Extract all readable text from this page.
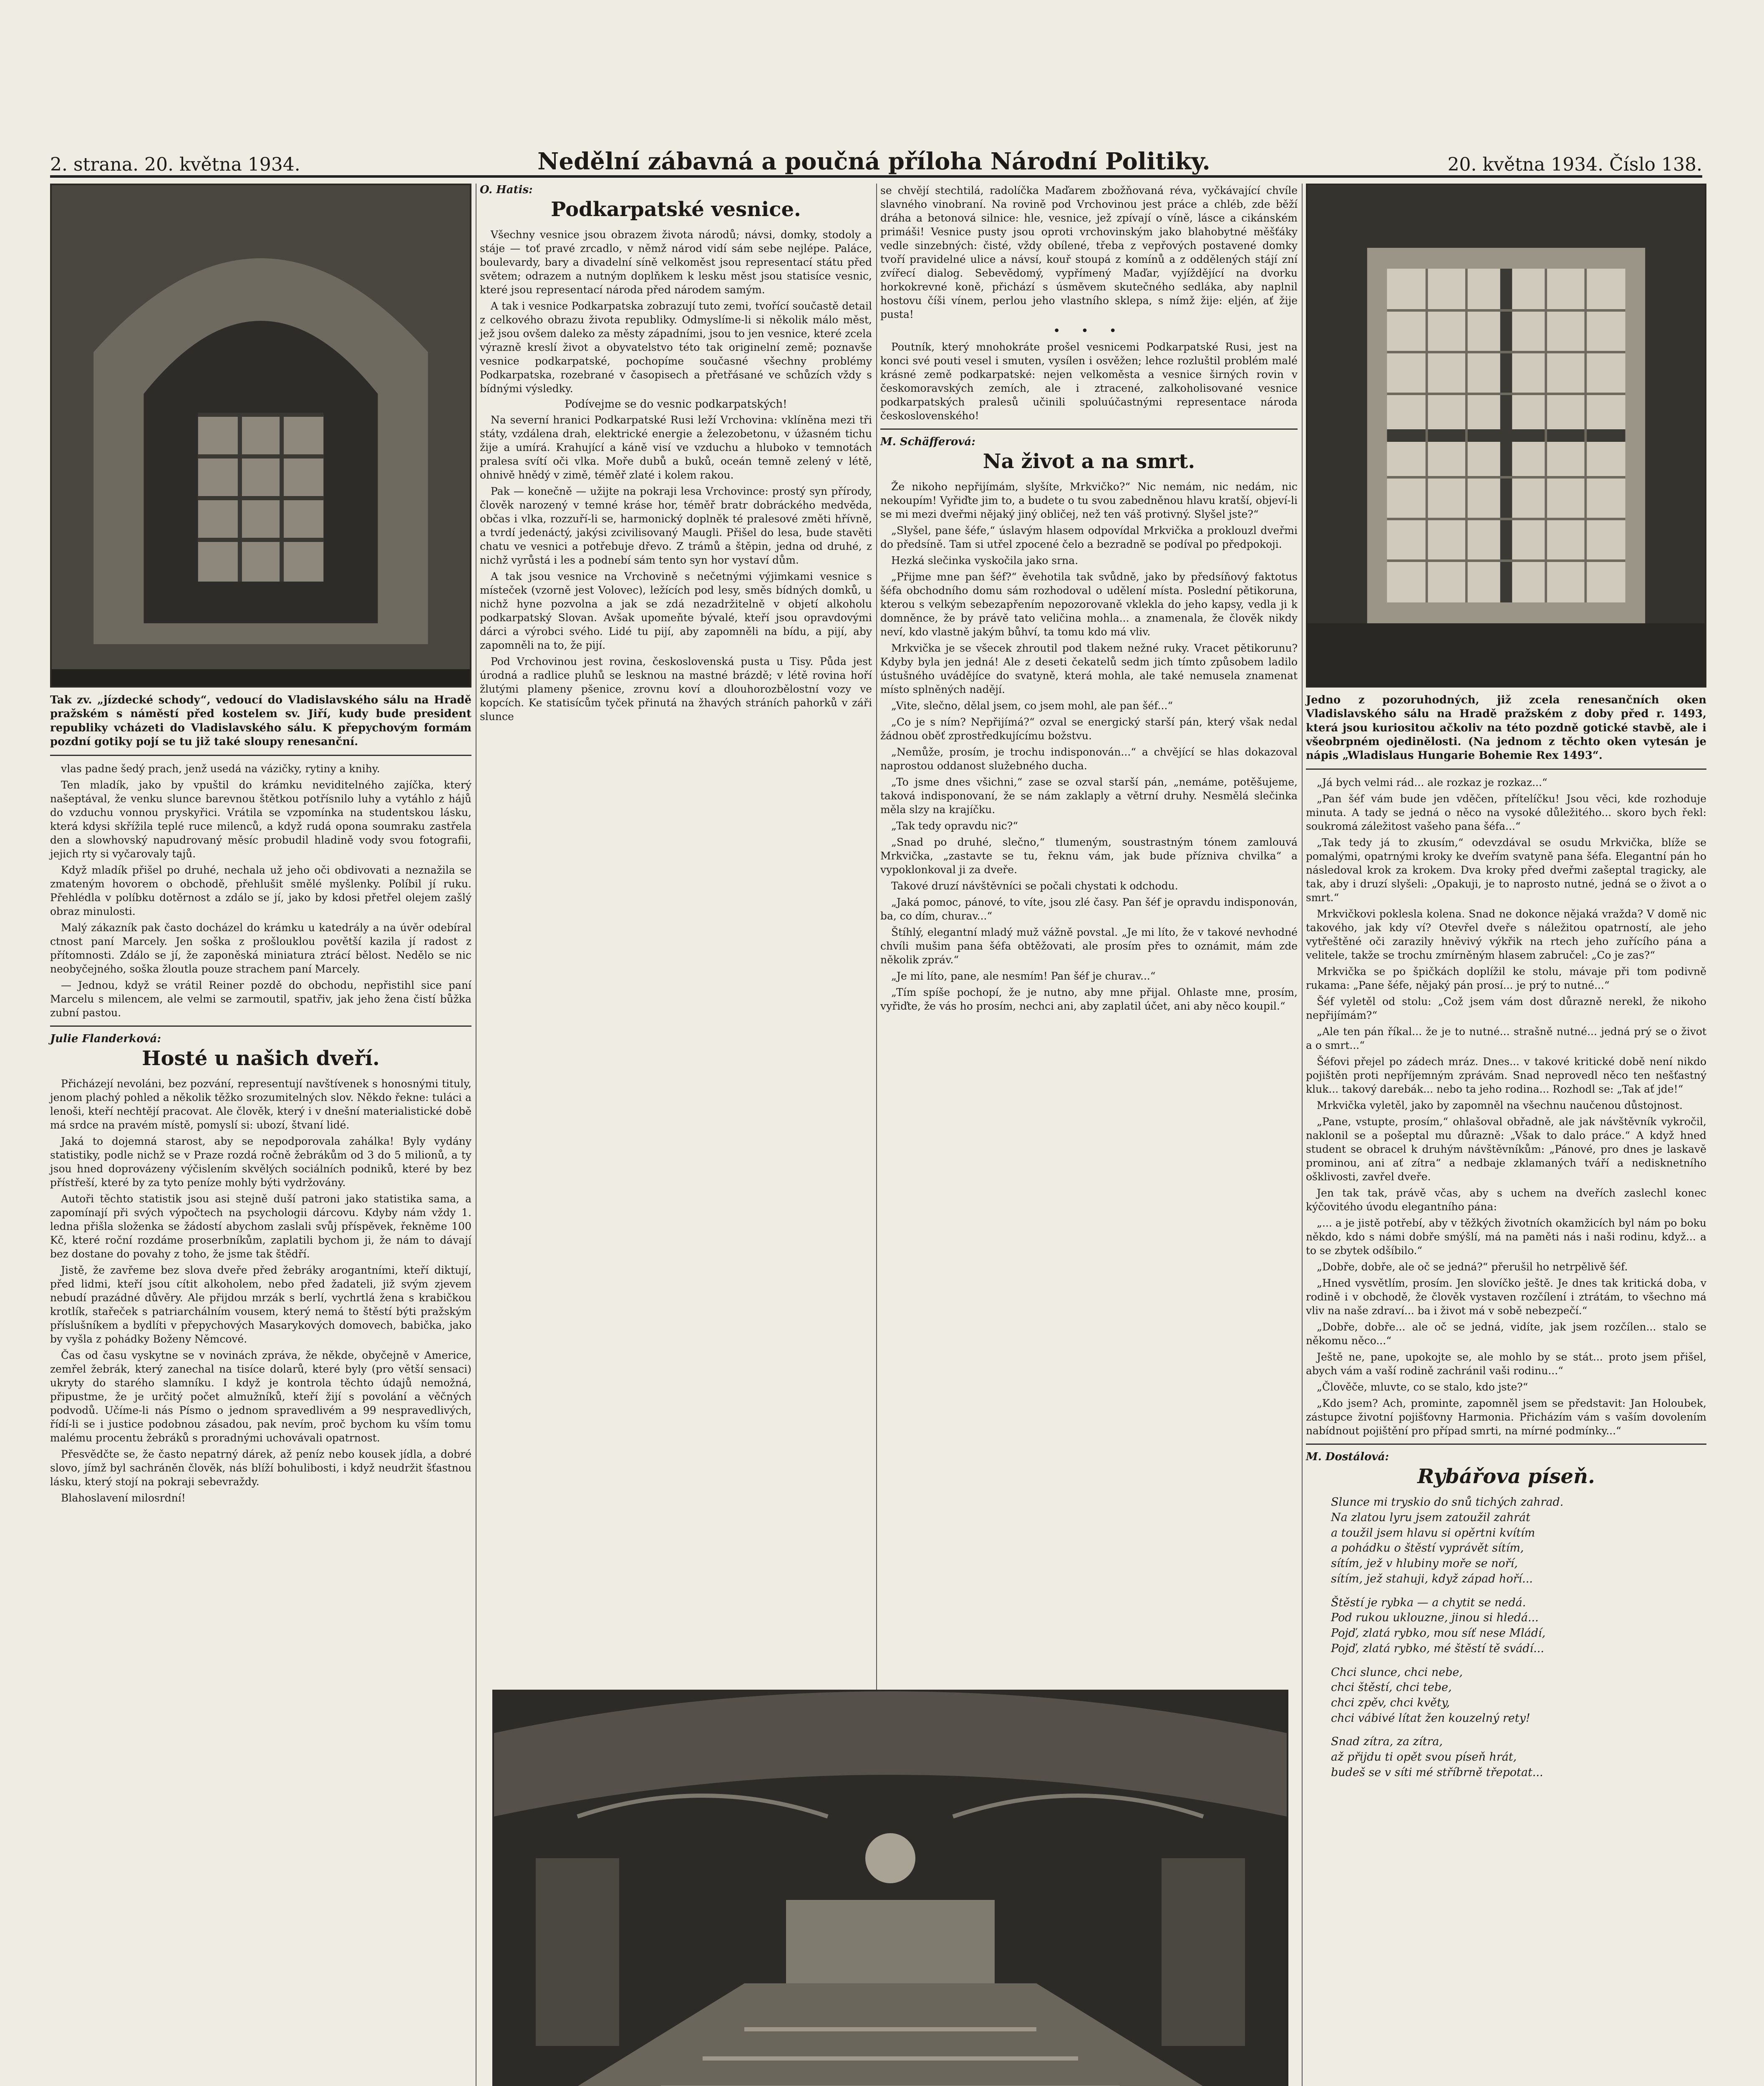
2. strana. 20. května 1934.	Nedělní zábavná a poučná příloha Národní Politiky.	20. května 1934. Číslo 138.
Tak zv. „jízdecké schody“, vedoucí do Vladislavského sálu na Hradě pražském s náměstí před kostelem sv. Jiří, kudy bude president republiky vcházeti do Vladislavského sálu. K přepychovým formám pozdní gotiky pojí se tu již také sloupy renesanční.

vlas padne šedý prach, jenž usedá na vázičky, rytiny a knihy.

Ten mladík, jako by vpuštil do krámku neviditelného zajíčka, který našeptával, že venku slunce barevnou štětkou potřísnilo luhy a vytáhlo z hájů do vzduchu vonnou pryskyřici. Vrátila se vzpomínka na studentskou lásku, která kdysi skřížila teplé ruce milenců, a když rudá opona soumraku zastřela den a slowhovský napudrovaný měsíc probudil hladině vody svou fotografii, jejich rty si vyčarovaly tajů.

Když mladík přišel po druhé, nechala už jeho oči obdivovati a neznažila se zmateným hovorem o obchodě, přehlušit smělé myšlenky. Políbil jí ruku. Přehlédla v políbku dotěrnost a zdálo se jí, jako by kdosi přetřel olejem zašlý obraz minulosti.

Malý zákazník pak často docházel do krámku u katedrály a na úvěr odebíral ctnost paní Marcely. Jen soška z prošlouklou povětší kazila jí radost z přítomnosti. Zdálo se jí, že zaponěská miniatura ztrácí bělost. Nedělo se nic neobyčejného, soška žloutla pouze strachem paní Marcely.

— Jednou, když se vrátil Reiner pozdě do obchodu, nepřistihl sice paní Marcelu s milencem, ale velmi se zarmoutil, spatřiv, jak jeho žena čistí bůžka zubní pastou.

Julie Flanderková:
Hosté u našich dveří.

Přicházejí nevoláni, bez pozvání, representují navštívenek s honosnými tituly, jenom plachý pohled a několik těžko srozumitelných slov. Někdo řekne: tuláci a lenoši, kteří nechtějí pracovat. Ale člověk, který i v dnešní materialistické době má srdce na pravém místě, pomyslí si: ubozí, štvaní lidé.

Jaká to dojemná starost, aby se nepodporovala zahálka! Byly vydány statistiky, podle nichž se v Praze rozdá ročně žebrákům od 3 do 5 milionů, a ty jsou hned doprovázeny výčislením skvělých sociálních podniků, které by bez přístřeší, které by za tyto peníze mohly býti vydržovány.

Autoři těchto statistik jsou asi stejně duší patroni jako statistika sama, a zapomínají při svých výpočtech na psychologii dárcovu. Kdyby nám vždy 1. ledna přišla složenka se žádostí abychom zaslali svůj příspěvek, řekněme 100 Kč, které roční rozdáme proserbníkům, zaplatili bychom ji, že nám to dávají bez dostane do povahy z toho, že jsme tak štědří.

Jistě, že zavřeme bez slova dveře před žebráky arogantními, kteří diktují, před lidmi, kteří jsou cítit alkoholem, nebo před žadateli, již svým zjevem nebudí prazádné důvěry. Ale přijdou mrzák s berlí, vychrtlá žena s krabičkou krotlík, stařeček s patriarchálním vousem, který nemá to štěstí býti pražským příslušníkem a bydlíti v přepychových Masarykových domovech, babička, jako by vyšla z pohádky Boženy Němcové.

Čas od času vyskytne se v novinách zpráva, že někde, obyčejně v Americe, zemřel žebrák, který zanechal na tisíce dolarů, které byly (pro větší sensaci) ukryty do starého slamníku. I když je kontrola těchto údajů nemožná, připustme, že je určitý počet almužníků, kteří žijí s povolání a věčných podvodů. Učíme-li nás Písmo o jednom spravedlivém a 99 nespravedlivých, řídí-li se i justice podobnou zásadou, pak nevím, proč bychom ku vším tomu malému procentu žebráků s proradnými uchovávali opatrnost.

Přesvědčte se, že často nepatrný dárek, až peníz nebo kousek jídla, a dobré slovo, jímž byl sachráněn člověk, nás blíží bohulibosti, i když neudržit šťastnou lásku, který stojí na pokraji sebevraždy.

Blahoslavení milosrdní!

O. Hatis:
Podkarpatské vesnice.

Všechny vesnice jsou obrazem života národů; návsi, domky, stodoly a stáje — toť pravé zrcadlo, v němž národ vidí sám sebe nejlépe. Paláce, boulevardy, bary a divadelní síně velkoměst jsou representací státu před světem; odrazem a nutným doplňkem k lesku měst jsou statisíce vesnic, které jsou representací národa před národem samým.

A tak i vesnice Podkarpatska zobrazují tuto zemi, tvořící součastě detail z celkového obrazu života republiky. Odmyslíme-li si několik málo měst, jež jsou ovšem daleko za městy západními, jsou to jen vesnice, které zcela výrazně kreslí život a obyvatelstvo této tak originelní země; poznavše vesnice podkarpatské, pochopíme současné všechny problémy Podkarpatska, rozebrané v časopisech a přetřásané ve schůzích vždy s bídnými výsledky.

Podívejme se do vesnic podkarpatských!

Na severní hranici Podkarpatské Rusi leží Vrchovina: vklíněna mezi tři státy, vzdálena drah, elektrické energie a železobetonu, v úžasném tichu žije a umírá. Krahující a káně visí ve vzduchu a hluboko v temnotách pralesa svítí oči vlka. Moře dubů a buků, oceán temně zelený v létě, ohnivě hnědý v zimě, téměř zlaté i kolem rakou.

Pak — konečně — užijte na pokraji lesa Vrchovince: prostý syn přírody, člověk narozený v temné kráse hor, téměř bratr dobráckého medvěda, občas i vlka, rozzuří-li se, harmonický doplněk té pralesové změti hřívně, a tvrdí jedenáctý, jakýsi zcivilisovaný Maugli. Přišel do lesa, bude stavěti chatu ve vesnici a potřebuje dřevo. Z trámů a štěpin, jedna od druhé, z nichž vyrůstá i les a podnebí sám tento syn hor vystaví dům.

A tak jsou vesnice na Vrchovině s nečetnými výjimkami vesnice s místeček (vzorně jest Volovec), ležících pod lesy, směs bídných domků, u nichž hyne pozvolna a jak se zdá nezadržitelně v objetí alkoholu podkarpatský Slovan. Avšak upomeňte bývalé, kteří jsou opravdovými dárci a výrobci svého. Lidé tu pijí, aby zapomněli na bídu, a pijí, aby zapomněli na to, že pijí.

Pod Vrchovinou jest rovina, československá pusta u Tisy. Půda jest úrodná a radlice pluhů se lesknou na mastné brázdě; v létě rovina hoří žlutými plameny pšenice, zrovnu koví a dlouhorozbělostní vozy ve kopcích. Ke statisícům tyček přinutá na žhavých stráních pahorků v záři slunce

se chvějí stechtilá, radolíčka Maďarem zbožňovaná réva, vyčkávající chvíle slavného vinobraní. Na rovině pod Vrchovinou jest práce a chléb, zde běží dráha a betonová silnice: hle, vesnice, jež zpívají o víně, lásce a cikánském primáši! Vesnice pusty jsou oproti vrchovinským jako blahobytné měšťáky vedle sinzebných: čisté, vždy obílené, třeba z vepřových postavené domky tvoří pravidelné ulice a návsí, kouř stoupá z komínů a z oddělených stájí zní zvířecí dialog. Sebevědomý, vypřímený Maďar, vyjíždějící na dvorku horkokrevné koně, přichází s úsměvem skutečného sedláka, aby naplnil hostovu číši vínem, perlou jeho vlastního sklepa, s nímž žije: eljén, ať žije pusta!

• • •

Poutník, který mnohokráte prošel vesnicemi Podkarpatské Rusi, jest na konci své pouti vesel i smuten, vysílen i osvěžen; lehce rozluštil problém malé krásné země podkarpatské: nejen velkoměsta a vesnice širných rovin v českomoravských zemích, ale i ztracené, zalkoholisované vesnice podkarpatských pralesů učinili spoluúčastnými representace národa československého!

M. Schäfferová:
Na život a na smrt.

Že nikoho nepřijímám, slyšíte, Mrkvičko?“ Nic nemám, nic nedám, nic nekoupím! Vyřiďte jim to, a budete o tu svou zabedněnou hlavu kratší, objeví-li se mi mezi dveřmi nějaký jiný obličej, než ten váš protivný. Slyšel jste?“

„Slyšel, pane šéfe,“ úslavým hlasem odpovídal Mrkvička a proklouzl dveřmi do předsíně. Tam si utřel zpocené čelo a bezradně se podíval po předpokoji.

Hezká slečinka vyskočila jako srna.

„Přijme mne pan šéf?“ ěvehotila tak svůdně, jako by předsíňový faktotus šéfa obchodního domu sám rozhodoval o udělení místa. Poslední pětikoruna, kterou s velkým sebezapřením nepozorovaně vklekla do jeho kapsy, vedla ji k domněnce, že by právě tato veličina mohla... a znamenala, že člověk nikdy neví, kdo vlastně jakým bůhví, ta tomu kdo má vliv.

Mrkvička je se všecek zhroutil pod tlakem nežné ruky. Vracet pětikorunu? Kdyby byla jen jedná! Ale z deseti čekatelů sedm jich tímto způsobem ladilo ústušného uvádějíce do svatyně, která mohla, ale také nemusela znamenat místo splněných nadějí.

„Vite, slečno, dělal jsem, co jsem mohl, ale pan šéf...“

„Co je s ním? Nepřijímá?“ ozval se energický starší pán, který však nedal žádnou oběť zprostředkujícímu božstvu.

„Nemůže, prosím, je trochu indisponován...“ a chvějící se hlas dokazoval naprostou oddanost služebného ducha.

„To jsme dnes všichni,“ zase se ozval starší pán, „nemáme, potěšujeme, taková indisponovaní, že se nám zaklaply a větrní druhy. Nesmělá slečinka měla slzy na krajíčku.

„Tak tedy opravdu nic?“

„Snad po druhé, slečno,“ tlumeným, soustrastným tónem zamlouvá Mrkvička, „zastavte se tu, řeknu vám, jak bude přízniva chvilka“ a vypoklonkoval ji za dveře.

Takové druzí návštěvníci se počali chystati k odchodu.

„Jaká pomoc, pánové, to víte, jsou zlé časy. Pan šéf je opravdu indisponován, ba, co dím, churav...“

Štíhlý, elegantní mladý muž vážně povstal. „Je mi líto, že v takové nevhodné chvíli mušim pana šéfa obtěžovati, ale prosím přes to oznámit, mám zde několik zpráv.“

„Je mi líto, pane, ale nesmím! Pan šéf je churav...“

„Tím spíše pochopí, že je nutno, aby mne přijal. Ohlaste mne, prosím, vyřiďte, že vás ho prosím, nechci ani, aby zaplatil účet, ani aby něco koupil.“

Jedno z pozoruhodných, již zcela renesančních oken Vladislavského sálu na Hradě pražském z doby před r. 1493, která jsou kuriositou ačkoliv na této pozdně gotické stavbě, ale i všeobrpném ojedinělosti. (Na jednom z těchto oken vytesán je nápis „Wladislaus Hungarie Bohemie Rex 1493“.

„Já bych velmi rád... ale rozkaz je rozkaz...“

„Pan šéf vám bude jen vděčen, přítelíčku! Jsou věci, kde rozhoduje minuta. A tady se jedná o něco na vysoké důležitého... skoro bych řekl: soukromá záležitost vašeho pana šéfa...“

„Tak tedy já to zkusím,“ odevzdával se osudu Mrkvička, blíže se pomalými, opatrnými kroky ke dveřím svatyně pana šéfa. Elegantní pán ho následoval krok za krokem. Dva kroky před dveřmi zašeptal tragicky, ale tak, aby i druzí slyšeli: „Opakuji, je to naprosto nutné, jedná se o život a o smrt.“

Mrkvičkovi poklesla kolena. Snad ne dokonce nějaká vražda? V domě nic takového, jak kdy ví? Otevřel dveře s náležitou opatrností, ale jeho vytřeštěné oči zarazily hněvivý výkřik na rtech jeho zuřícího pána a velitele, takže se trochu zmírněným hlasem zabručel: „Co je zas?“

Mrkvička se po špičkách doplížil ke stolu, mávaje při tom podivně rukama: „Pane šéfe, nějaký pán prosí... je prý to nutné...“

Šéf vyletěl od stolu: „Což jsem vám dost důrazně nerekl, že nikoho nepřijímám?“

„Ale ten pán říkal... že je to nutné... strašně nutné... jedná prý se o život a o smrt...“

Šéfovi přejel po zádech mráz. Dnes... v takové kritické době není nikdo pojištěn proti nepříjemným zprávám. Snad neprovedl něco ten nešťastný kluk... takový darebák... nebo ta jeho rodina... Rozhodl se: „Tak ať jde!“

Mrkvička vyletěl, jako by zapomněl na všechnu naučenou důstojnost.

„Pane, vstupte, prosím,“ ohlašoval obřadně, ale jak návštěvník vykročil, naklonil se a pošeptal mu důrazně: „Však to dalo práce.“ A když hned student se obracel k druhým návštěvníkům: „Pánové, pro dnes je laskavě prominou, ani ať zítra“ a nedbaje zklamaných tváří a nedisknetního ošklivosti, zavřel dveře.

Jen tak tak, právě včas, aby s uchem na dveřích zaslechl konec kýčovitého úvodu elegantního pána:

„... a je jistě potřebí, aby v těžkých životních okamžicích byl nám po boku někdo, kdo s námi dobře smýšlí, má na paměti nás i naši rodinu, když... a to se zbytek odšíbilo.“

„Dobře, dobře, ale oč se jedná?“ přerušil ho netrpělivě šéf.

„Hned vysvětlím, prosím. Jen slovíčko ještě. Je dnes tak kritická doba, v rodině i v obchodě, že člověk vystaven rozčílení i ztrátám, to všechno má vliv na naše zdraví... ba i život má v sobě nebezpečí.“

„Dobře, dobře... ale oč se jedná, vidíte, jak jsem rozčílen... stalo se někomu něco...“

Ještě ne, pane, upokojte se, ale mohlo by se stát... proto jsem přišel, abych vám a vaší rodině zachránil vaši rodinu...“

„Člověče, mluvte, co se stalo, kdo jste?“

„Kdo jsem? Ach, prominte, zapomněl jsem se představit: Jan Holoubek, zástupce životní pojišťovny Harmonia. Přicházím vám s vaším dovolením nabídnout pojištění pro případ smrti, na mírné podmínky...“

M. Dostálová:
Rybářova píseň.
Slunce mi tryskio do snů tichých zahrad.
Na zlatou lyru jsem zatoužil zahrát
a toužil jsem hlavu si opěrtni kvítím
a pohádku o štěstí vyprávět sítím,
sítím, jež v hlubiny moře se noří,
sítím, jež stahuji, když západ hoří...
Štěstí je rybka — a chytit se nedá.
Pod rukou uklouzne, jinou si hledá...
Pojď, zlatá rybko, mou síť nese Mládí,
Pojď, zlatá rybko, mé štěstí tě svádí...
Chci slunce, chci nebe,
chci štěstí, chci tebe,
chci zpěv, chci květy,
chci vábivé lítat žen kouzelný rety!
Snad zítra, za zítra,
až přijdu ti opět svou píseň hrát,
budeš se v síti mé stříbrně třepotat...
